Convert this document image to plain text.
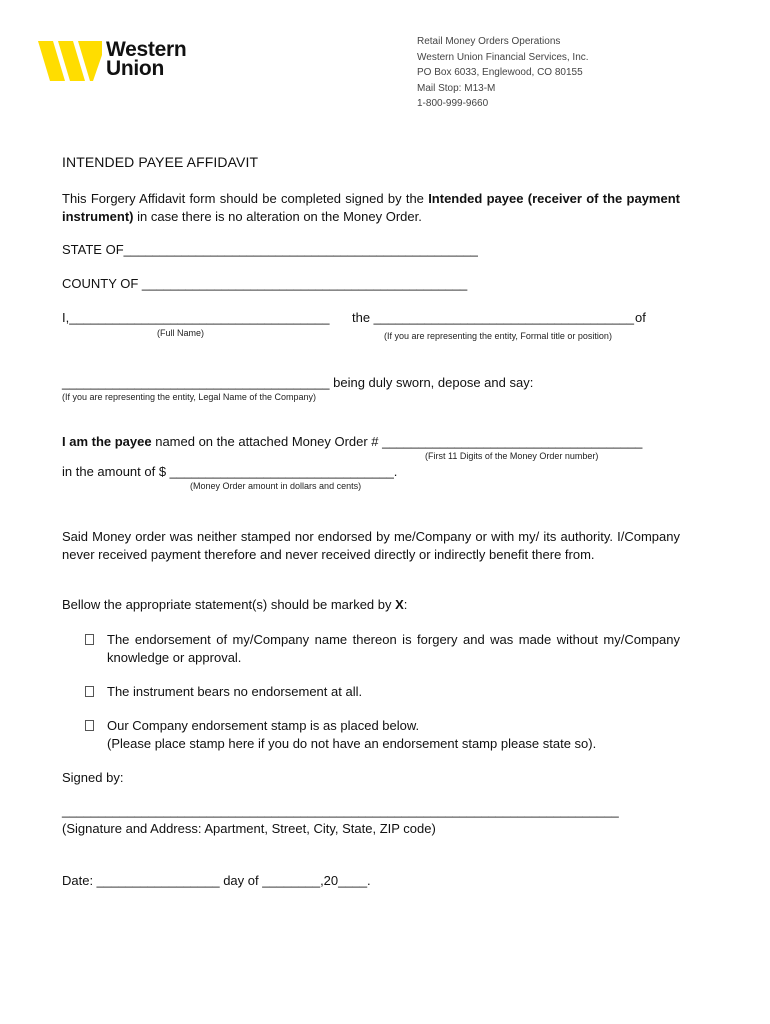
Western
Union
Retail Money Orders Operations
Western Union Financial Services, Inc.
PO Box 6033, Englewood, CO 80155
Mail Stop: M13-M
1-800-999-9660
INTENDED PAYEE AFFIDAVIT
This Forgery Affidavit form should be completed signed by the Intended payee (receiver of the payment instrument) in case there is no alteration on the Money Order.
STATE OF_________________________________________________
COUNTY OF _____________________________________________
I,____________________________________ the ____________________________________ of
(Full Name)	(If you are representing the entity, Formal title or position)
_____________________________________ being duly sworn, depose and say:
(If you are representing the entity, Legal Name of the Company)
I am the payee named on the attached Money Order # ____________________________________
(First 11 Digits of the Money Order number)
in the amount of $ _______________________________.
(Money Order amount in dollars and cents)
Said Money order was neither stamped nor endorsed by me/Company or with my/ its authority. I/Company never received payment therefore and never received directly or indirectly benefit there from.
Bellow the appropriate statement(s) should be marked by X:
The endorsement of my/Company name thereon is forgery and was made without my/Company knowledge or approval.
The instrument bears no endorsement at all.
Our Company endorsement stamp is as placed below.
(Please place stamp here if you do not have an endorsement stamp please state so).
Signed by:
_____________________________________________________________________________
(Signature and Address: Apartment, Street, City, State, ZIP code)
Date: _________________ day of ________,20____.
